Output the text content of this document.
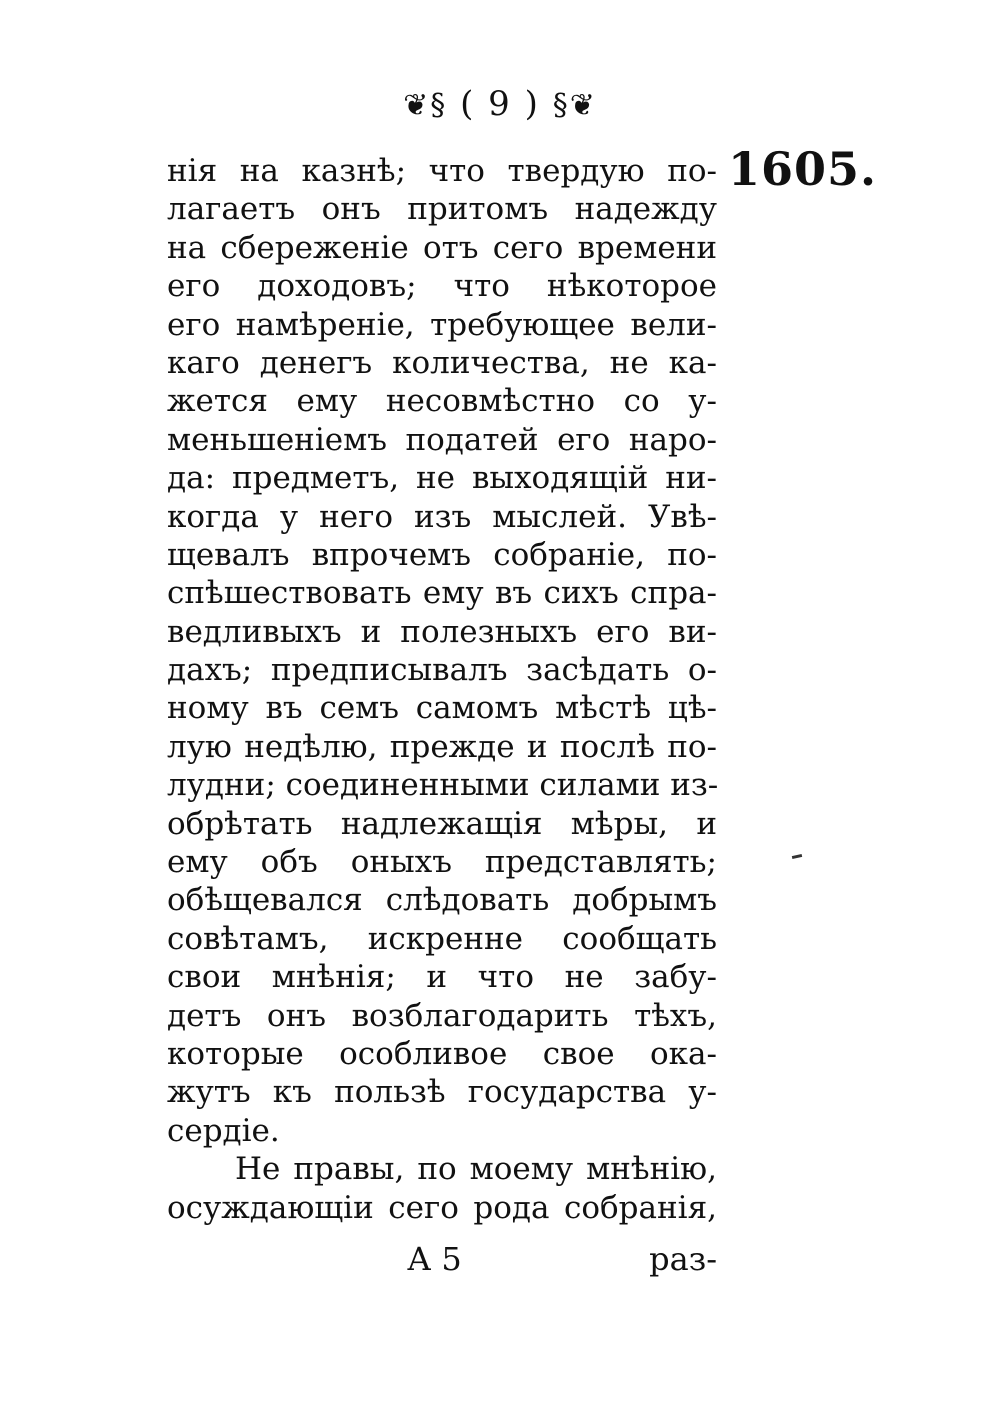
❦§ ( 9 ) §❦
1605.
нія на казнѣ; что твердую по-
лагаетъ онъ притомъ надежду
на сбереженіе отъ сего времени
его доходовъ; что нѣкоторое
его намѣреніе, требующее вели-
каго денегъ количества, не ка-
жется ему несовмѣстно со у-
меньшеніемъ податей его наро-
да: предметъ, не выходящій ни-
когда у него изъ мыслей. Увѣ-
щевалъ впрочемъ собраніе, по-
спѣшествовать ему въ сихъ спра-
ведливыхъ и полезныхъ его ви-
дахъ; предписывалъ засѣдать о-
ному въ семъ самомъ мѣстѣ цѣ-
лую недѣлю, прежде и послѣ по-
лудни; соединенными силами из-
обрѣтать надлежащія мѣры, и
ему объ оныхъ представлять;
обѣщевался слѣдовать добрымъ
совѣтамъ, искренне сообщать
свои мнѣнія; и что не забу-
детъ онъ возблагодарить тѣхъ,
которые особливое свое ока-
жутъ къ пользѣ государства у-
сердіе.
Не правы, по моему мнѣнію,
осуждающіи сего рода собранія,
А 5	раз-
